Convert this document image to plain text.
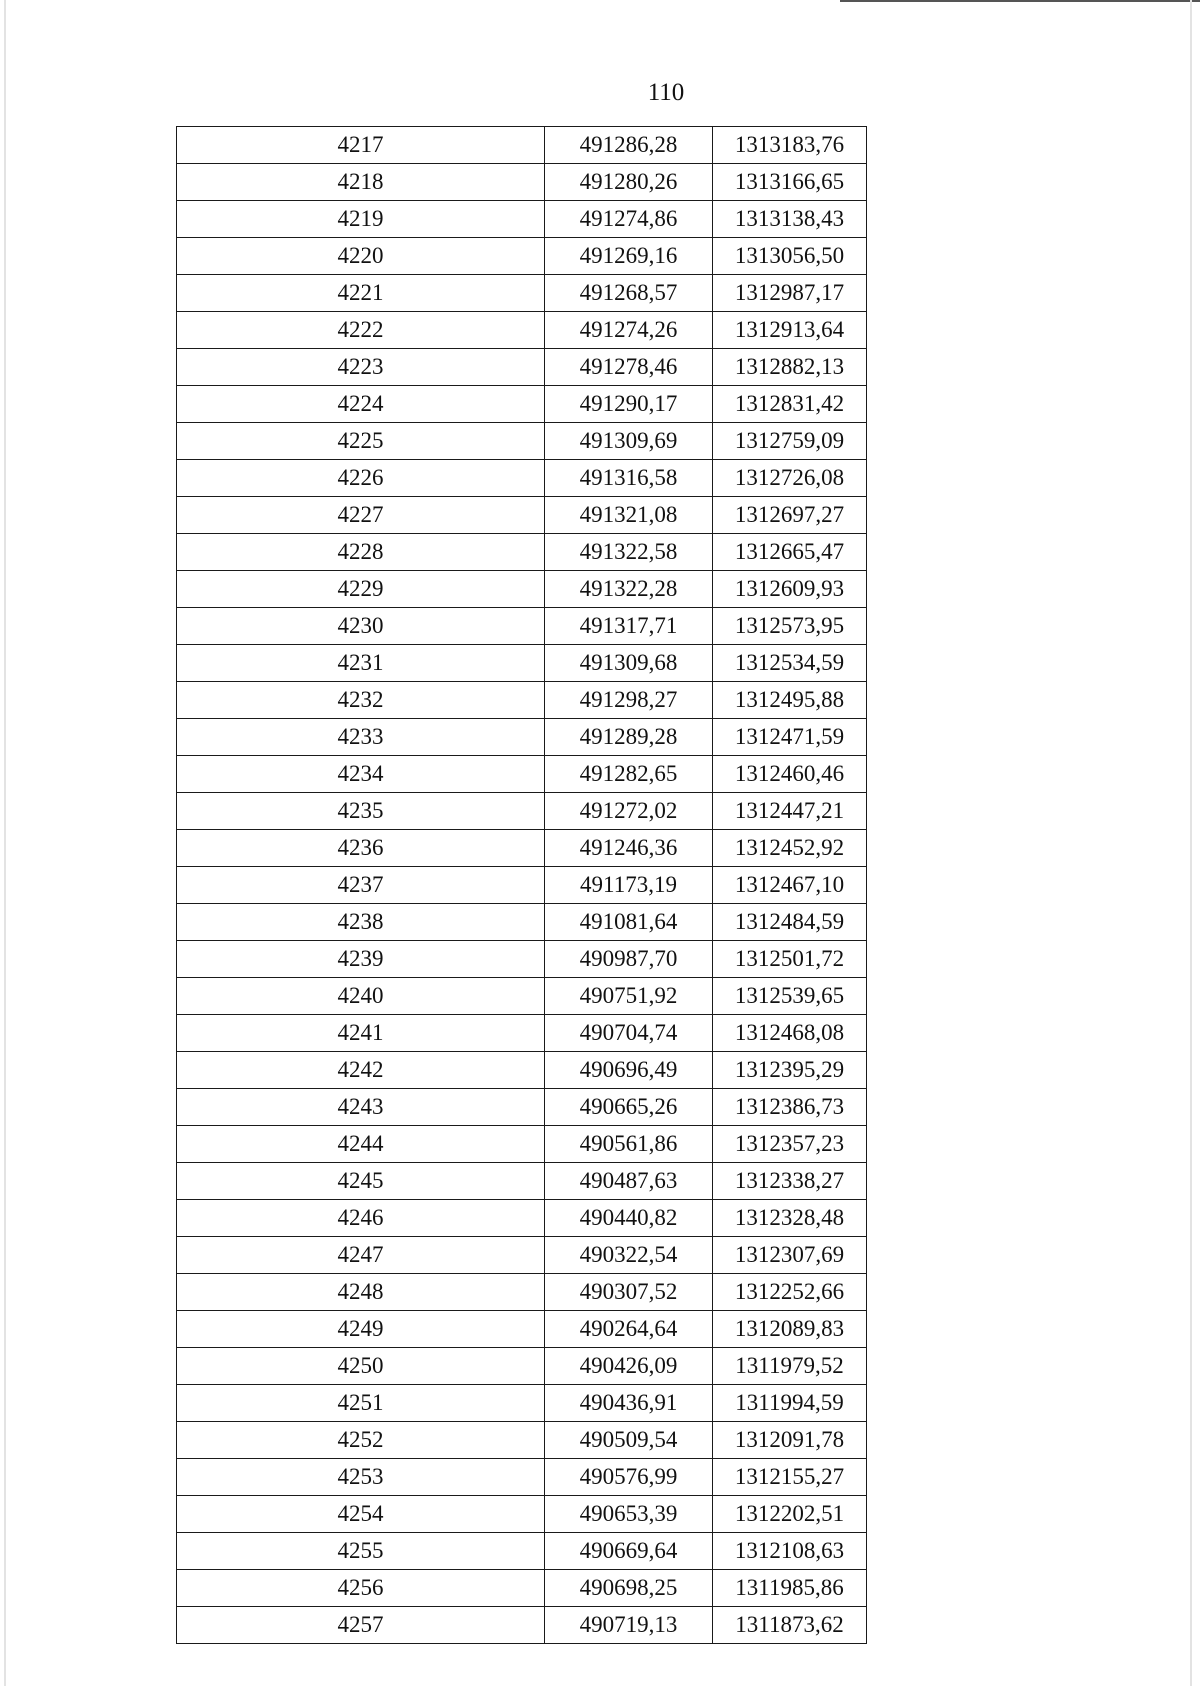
110
4217	491286,28	1313183,76
4218	491280,26	1313166,65
4219	491274,86	1313138,43
4220	491269,16	1313056,50
4221	491268,57	1312987,17
4222	491274,26	1312913,64
4223	491278,46	1312882,13
4224	491290,17	1312831,42
4225	491309,69	1312759,09
4226	491316,58	1312726,08
4227	491321,08	1312697,27
4228	491322,58	1312665,47
4229	491322,28	1312609,93
4230	491317,71	1312573,95
4231	491309,68	1312534,59
4232	491298,27	1312495,88
4233	491289,28	1312471,59
4234	491282,65	1312460,46
4235	491272,02	1312447,21
4236	491246,36	1312452,92
4237	491173,19	1312467,10
4238	491081,64	1312484,59
4239	490987,70	1312501,72
4240	490751,92	1312539,65
4241	490704,74	1312468,08
4242	490696,49	1312395,29
4243	490665,26	1312386,73
4244	490561,86	1312357,23
4245	490487,63	1312338,27
4246	490440,82	1312328,48
4247	490322,54	1312307,69
4248	490307,52	1312252,66
4249	490264,64	1312089,83
4250	490426,09	1311979,52
4251	490436,91	1311994,59
4252	490509,54	1312091,78
4253	490576,99	1312155,27
4254	490653,39	1312202,51
4255	490669,64	1312108,63
4256	490698,25	1311985,86
4257	490719,13	1311873,62
